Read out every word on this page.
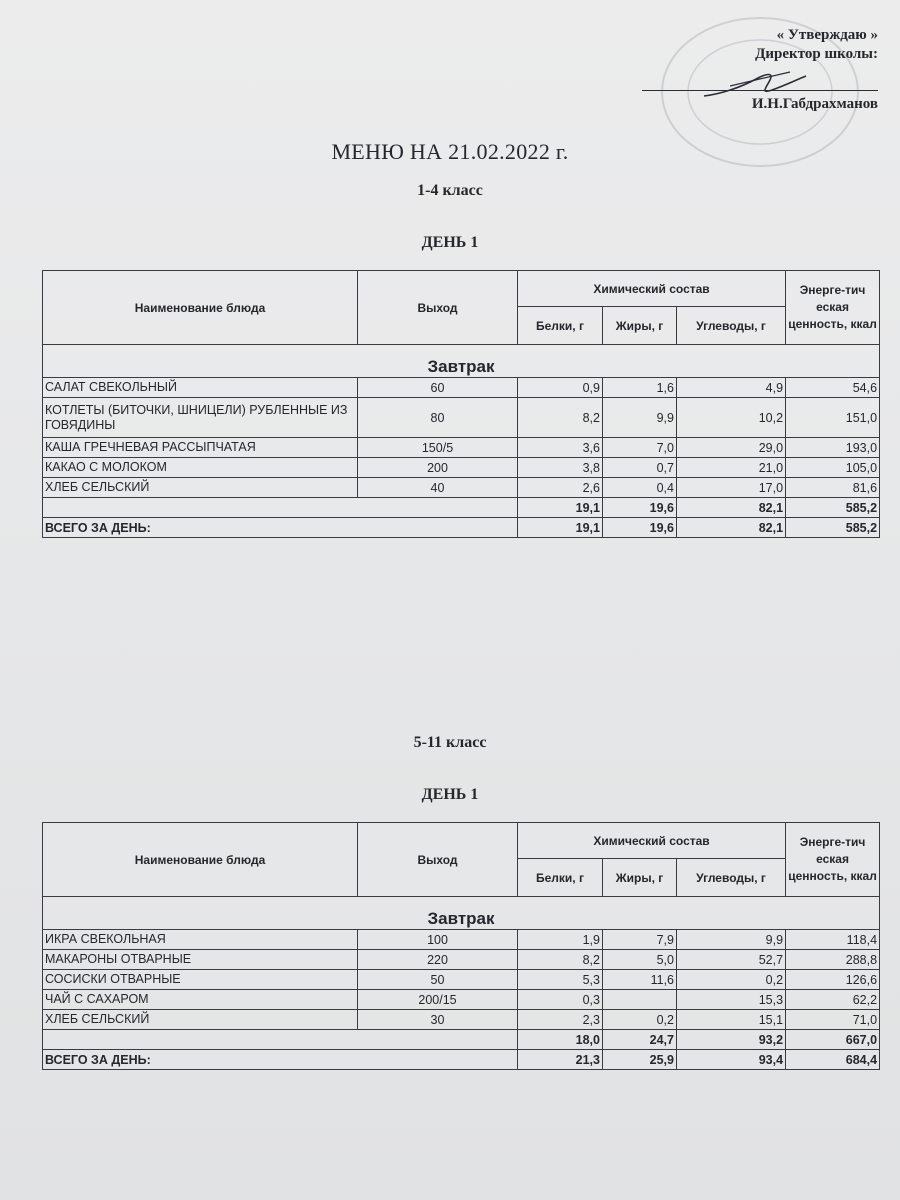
« Утверждаю »
Директор школы:
И.Н.Габдрахманов
МЕНЮ НА 21.02.2022 г.
1-4 класс
ДЕНЬ 1
Наименование блюда	Выход	Химический состав			Энерге-тич еская ценность, ккал
		Белки, г	Жиры, г	Углеводы, г	
Завтрак					
САЛАТ СВЕКОЛЬНЫЙ	60	0,9	1,6	4,9	54,6
КОТЛЕТЫ (БИТОЧКИ, ШНИЦЕЛИ) РУБЛЕННЫЕ ИЗ ГОВЯДИНЫ	80	8,2	9,9	10,2	151,0
КАША ГРЕЧНЕВАЯ РАССЫПЧАТАЯ	150/5	3,6	7,0	29,0	193,0
КАКАО С МОЛОКОМ	200	3,8	0,7	21,0	105,0
ХЛЕБ СЕЛЬСКИЙ	40	2,6	0,4	17,0	81,6
		19,1	19,6	82,1	585,2
ВСЕГО ЗА ДЕНЬ:		19,1	19,6	82,1	585,2
5-11 класс
ДЕНЬ 1
Наименование блюда	Выход	Химический состав			Энерге-тич еская ценность, ккал
		Белки, г	Жиры, г	Углеводы, г	
Завтрак					
ИКРА СВЕКОЛЬНАЯ	100	1,9	7,9	9,9	118,4
МАКАРОНЫ ОТВАРНЫЕ	220	8,2	5,0	52,7	288,8
СОСИСКИ ОТВАРНЫЕ	50	5,3	11,6	0,2	126,6
ЧАЙ С САХАРОМ	200/15	0,3		15,3	62,2
ХЛЕБ СЕЛЬСКИЙ	30	2,3	0,2	15,1	71,0
		18,0	24,7	93,2	667,0
ВСЕГО ЗА ДЕНЬ:		21,3	25,9	93,4	684,4
